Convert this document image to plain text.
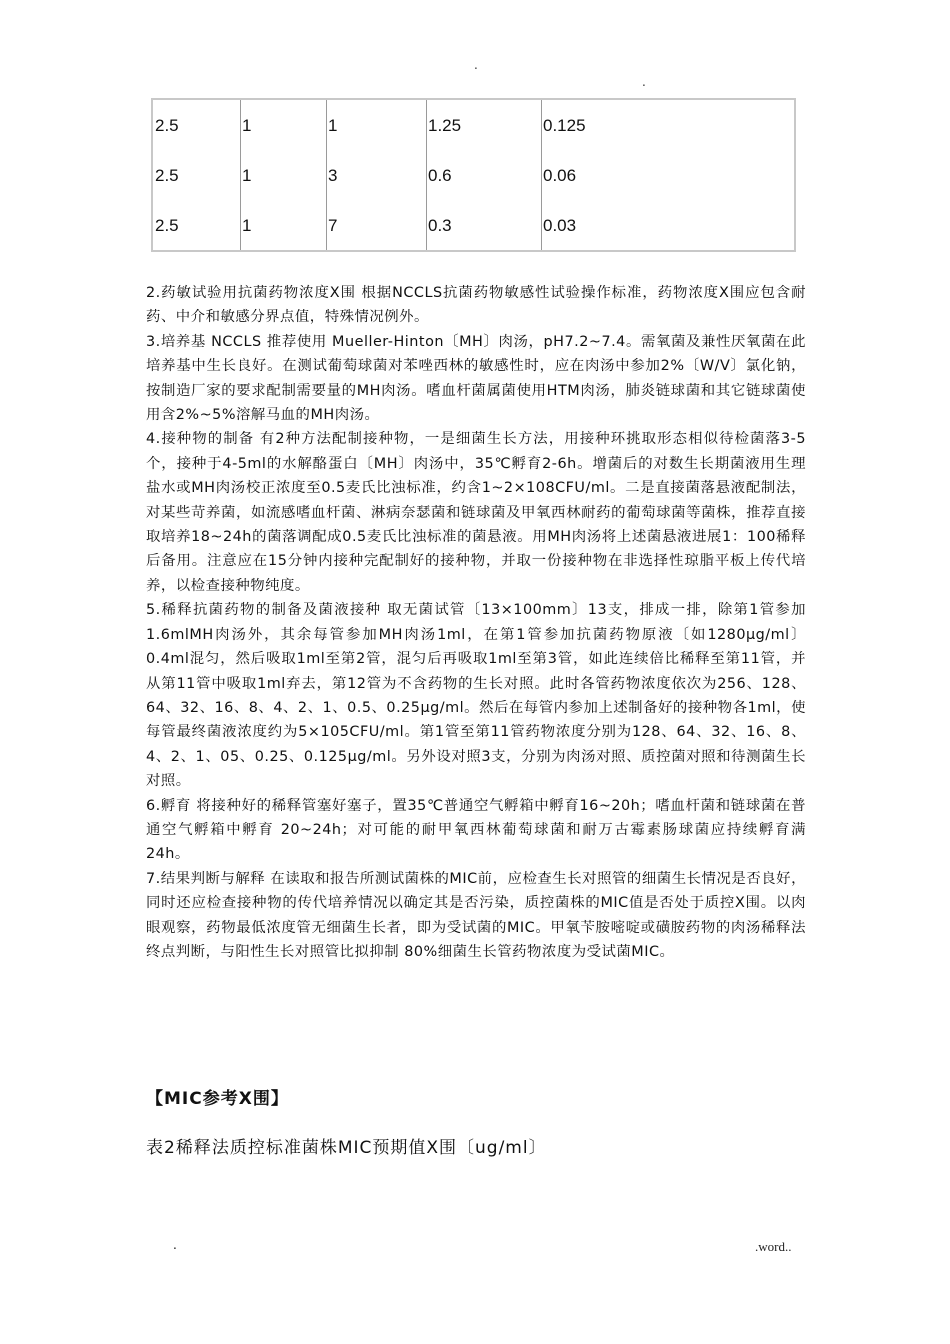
.
.
2.5	1	1	1.25	0.125
2.5	1	3	0.6	0.06
2.5	1	7	0.3	0.03

2.药敏试验用抗菌药物浓度X围 根据NCCLS抗菌药物敏感性试验操作标准，药物浓度X围应包含耐药、中介和敏感分界点值，特殊情况例外。

3.培养基 NCCLS 推荐使用 Mueller-Hinton〔MH〕肉汤，pH7.2~7.4。需氧菌及兼性厌氧菌在此培养基中生长良好。在测试葡萄球菌对苯唑西林的敏感性时，应在肉汤中参加2%〔W/V〕氯化钠，按制造厂家的要求配制需要量的MH肉汤。嗜血杆菌属菌使用HTM肉汤，肺炎链球菌和其它链球菌使用含2%~5%溶解马血的MH肉汤。

4.接种物的制备 有2种方法配制接种物，一是细菌生长方法，用接种环挑取形态相似待检菌落3-5个，接种于4-5ml的水解酪蛋白〔MH〕肉汤中，35℃孵育2-6h。增菌后的对数生长期菌液用生理盐水或MH肉汤校正浓度至0.5麦氏比浊标准，约含1~2×108CFU/ml。二是直接菌落悬液配制法，对某些苛养菌，如流感嗜血杆菌、淋病奈瑟菌和链球菌及甲氧西林耐药的葡萄球菌等菌株，推荐直接取培养18~24h的菌落调配成0.5麦氏比浊标准的菌悬液。用MH肉汤将上述菌悬液进展1：100稀释后备用。注意应在15分钟内接种完配制好的接种物，并取一份接种物在非选择性琼脂平板上传代培养，以检查接种物纯度。

5.稀释抗菌药物的制备及菌液接种 取无菌试管〔13×100mm〕13支，排成一排，除第1管参加1.6mlMH肉汤外，其余每管参加MH肉汤1ml，在第1管参加抗菌药物原液〔如1280μg/ml〕 0.4ml混匀，然后吸取1ml至第2管，混匀后再吸取1ml至第3管，如此连续倍比稀释至第11管，并从第11管中吸取1ml弃去，第12管为不含药物的生长对照。此时各管药物浓度依次为256、128、64、32、16、8、4、2、1、0.5、0.25μg/ml。然后在每管内参加上述制备好的接种物各1ml，使每管最终菌液浓度约为5×105CFU/ml。第1管至第11管药物浓度分别为128、64、32、16、8、4、2、1、05、0.25、0.125μg/ml。另外设对照3支，分别为肉汤对照、质控菌对照和待测菌生长对照。

6.孵育 将接种好的稀释管塞好塞子，置35℃普通空气孵箱中孵育16~20h；嗜血杆菌和链球菌在普通空气孵箱中孵育 20~24h；对可能的耐甲氧西林葡萄球菌和耐万古霉素肠球菌应持续孵育满24h。

7.结果判断与解释 在读取和报告所测试菌株的MIC前，应检查生长对照管的细菌生长情况是否良好，同时还应检查接种物的传代培养情况以确定其是否污染，质控菌株的MIC值是否处于质控X围。以肉眼观察，药物最低浓度管无细菌生长者，即为受试菌的MIC。甲氧苄胺嘧啶或磺胺药物的肉汤稀释法终点判断，与阳性生长对照管比拟抑制 80%细菌生长管药物浓度为受试菌MIC。

【MIC参考X围】
表2稀释法质控标准菌株MIC预期值X围〔ug/ml〕
.	.word..
